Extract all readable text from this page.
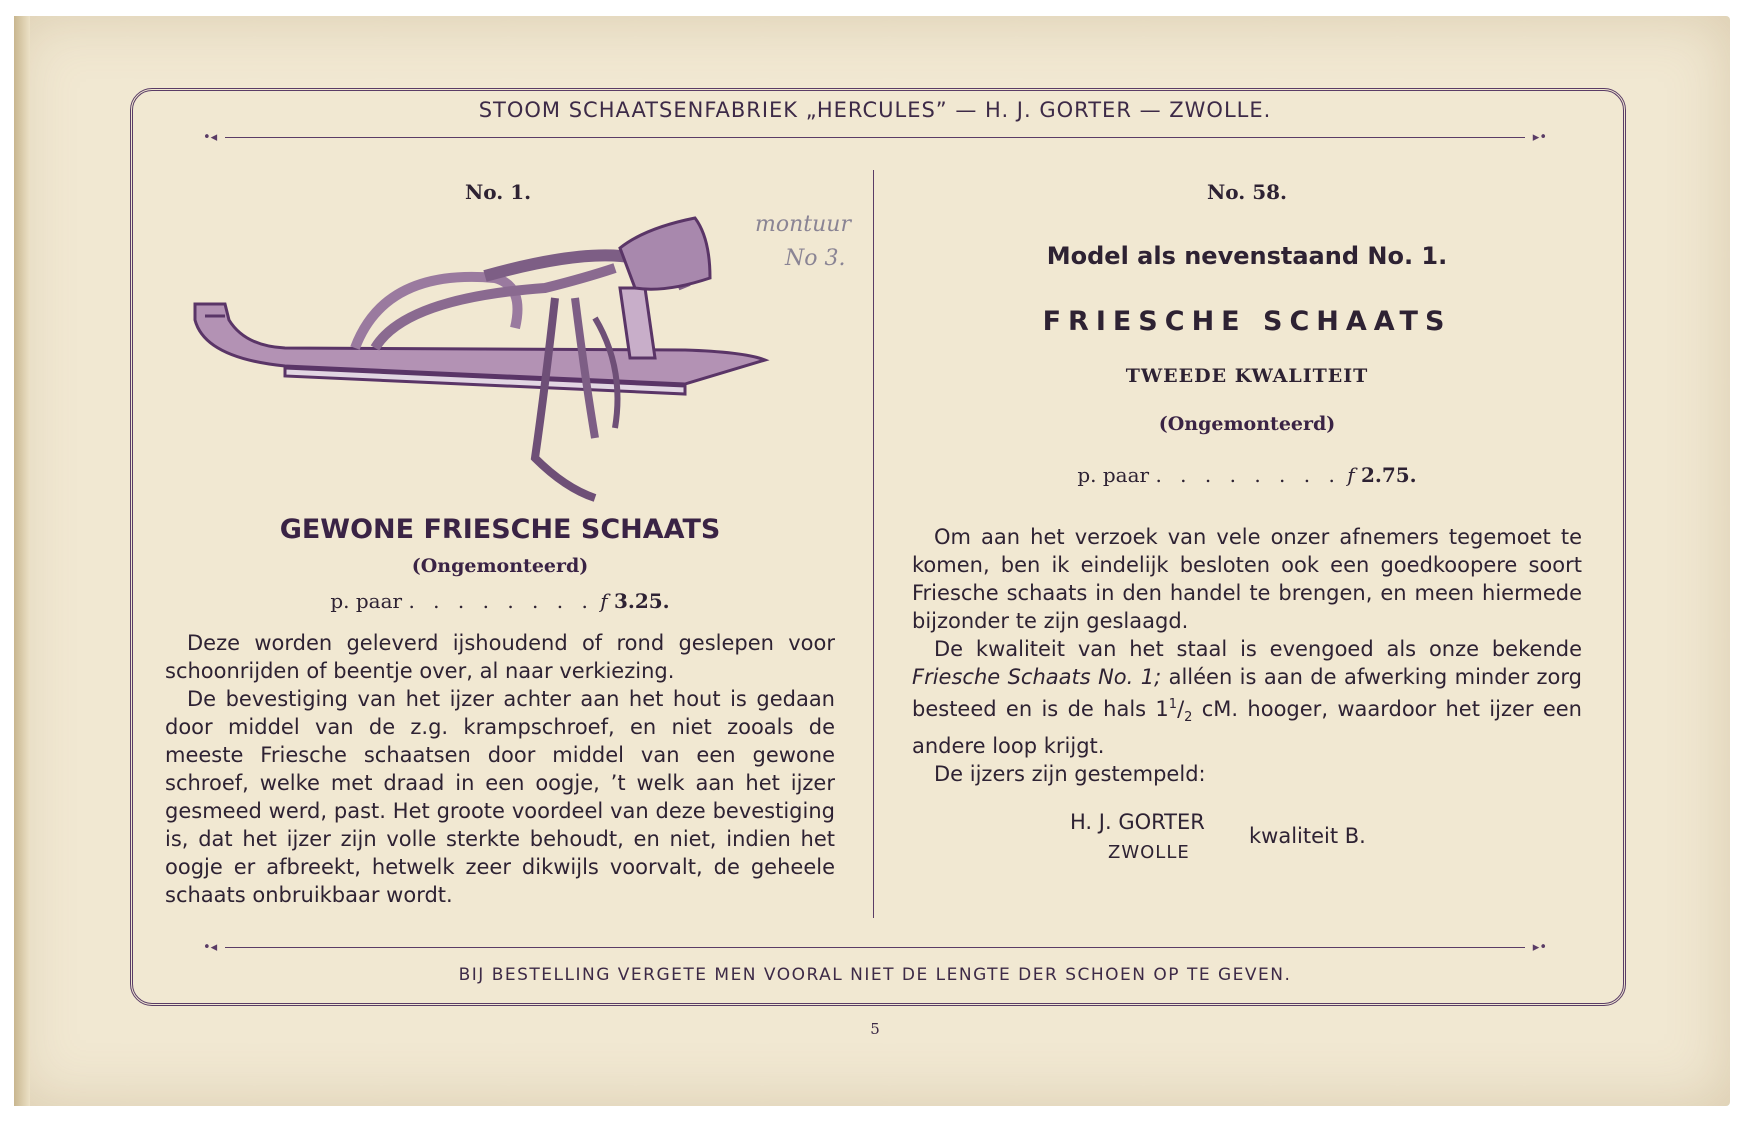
STOOM SCHAATSENFABRIEK „HERCULES” — H. J. GORTER — ZWOLLE.
•◂	▸•
No. 1.
montuur
No 3.
GEWONE FRIESCHE SCHAATS
(Ongemonteerd)
p. paar . . . . . . . . f 3.25.

Deze worden geleverd ijshoudend of rond geslepen voor schoonrijden of beentje over, al naar verkiezing.

De bevestiging van het ijzer achter aan het hout is gedaan door middel van de z.g. krampschroef, en niet zooals de meeste Friesche schaatsen door middel van een gewone schroef, welke met draad in een oogje, ’t welk aan het ijzer gesmeed werd, past. Het groote voordeel van deze bevestiging is, dat het ijzer zijn volle sterkte behoudt, en niet, indien het oogje er afbreekt, hetwelk zeer dikwijls voorvalt, de geheele schaats onbruikbaar wordt.

No. 58.
Model als nevenstaand No. 1.
FRIESCHE SCHAATS
TWEEDE KWALITEIT
(Ongemonteerd)
p. paar . . . . . . . . f 2.75.

Om aan het verzoek van vele onzer afnemers tegemoet te komen, ben ik eindelijk besloten ook een goedkoopere soort Friesche schaats in den handel te brengen, en meen hiermede bijzonder te zijn geslaagd.

De kwaliteit van het staal is evengoed als onze bekende Friesche Schaats No. 1; alléen is aan de afwerking minder zorg besteed en is de hals $1^1/_2$ cM. hooger, waardoor het ijzer een andere loop krijgt.

De ijzers zijn gestempeld:

H. J. GORTER
ZWOLLE
kwaliteit B.
•◂	▸•
BIJ BESTELLING VERGETE MEN VOORAL NIET DE LENGTE DER SCHOEN OP TE GEVEN.
5
